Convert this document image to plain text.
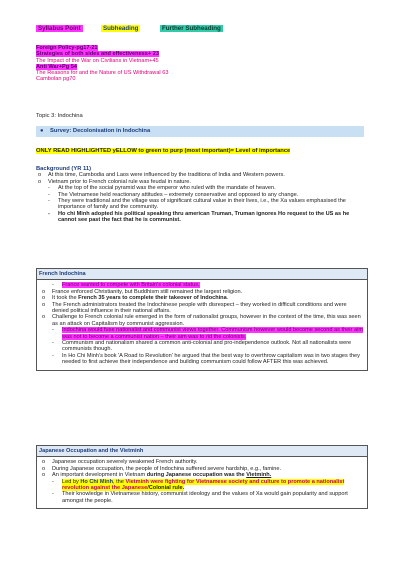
Syllabus Point	Subheading	Further Subheading
Foreign Policy-pg17-21
Strategies of both sides and effectiveness+ 23
The Impact of the War on Civilians in Vietnam+45
Anti War+Pg 54
The Reasons for and the Nature of US Withdrawal 63
Cambolan pg70
Topic 3: Indochina
● Survey: Decolonisation in Indochina
ONLY READ HIGHLIGHTED yELLOW to green to purp (most important)= Level of importance
Background (YR 11)
o At this time, Cambodia and Laos were influenced by the traditions of India and Western powers.
o Vietnam prior to French colonial rule was feudal in nature.
- At the top of the social pyramid was the emperor who ruled with the mandate of heaven.
- The Vietnamese held reactionary attitudes – extremely conservative and opposed to any change.
- They were traditional and the village was of significant cultural value in their lives, i.e., the Xa values emphasised the importance of family and the community.
- Ho chi Minh adopted his political speaking thru american Truman, Truman ignores Ho request to the US as he cannot see past the fact that he is communist.
French Indochina
- France wanted to compete with Britain's colonial status.
o France enforced Christianity, but Buddhism still remained the largest religion.
o It took the French 35 years to complete their takeover of Indochina.
o The French administrators treated the Indochinese people with disrespect – they worked in difficult conditions and were denied political influence in their national affairs.
o Challenge to French colonial rule emerged in the form of nationalist groups, however in the context of the time, this was seen as an attack on Capitalism by communist aggression.
- Indochina would fuse nationalist and communist views together. Communism however would become second as their aim was not to become a communist nation – their aim was to rid the colonists.
- Communism and nationalism shared a common anti-colonial and pro-independence outlook. Not all nationalists were communists though.
- In Ho Chi Minh's book 'A Road to Revolution' he argued that the best way to overthrow capitalism was in two stages they needed to first achieve their independence and building communism could follow AFTER this was achieved.
Japanese Occupation and the Vietminh
o Japanese occupation severely weakened French authority.
o During Japanese occupation, the people of Indochina suffered severe hardship, e.g., famine.
o An important development in Vietnam during Japanese occupation was the Vietminh.
- Led by Ho Chi Minh, the Vietminh were fighting for Vietnamese society and culture to promote a nationalist revolution against the Japanese/Colonial rule.
- Their knowledge in Vietnamese history, communist ideology and the values of Xa would gain popularity and support amongst the people.
